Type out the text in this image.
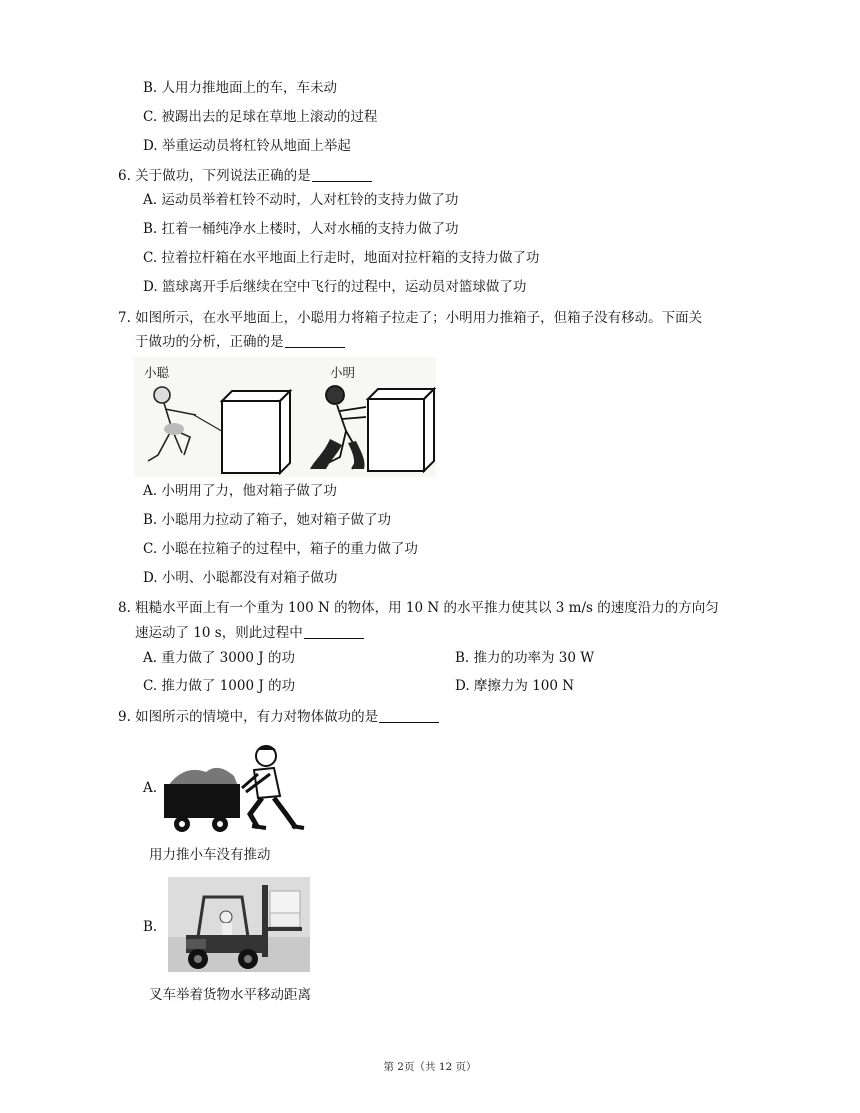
B. 人用力推地面上的车，车未动
C. 被踢出去的足球在草地上滚动的过程
D. 举重运动员将杠铃从地面上举起
6. 关于做功，下列说法正确的是
A. 运动员举着杠铃不动时，人对杠铃的支持力做了功
B. 扛着一桶纯净水上楼时，人对水桶的支持力做了功
C. 拉着拉杆箱在水平地面上行走时，地面对拉杆箱的支持力做了功
D. 篮球离开手后继续在空中飞行的过程中，运动员对篮球做了功
7. 如图所示，在水平地面上，小聪用力将箱子拉走了；小明用力推箱子，但箱子没有移动。下面关
于做功的分析，正确的是
小聪	小明
A. 小明用了力，他对箱子做了功
B. 小聪用力拉动了箱子，她对箱子做了功
C. 小聪在拉箱子的过程中，箱子的重力做了功
D. 小明、小聪都没有对箱子做功
8. 粗糙水平面上有一个重为 100 N 的物体，用 10 N 的水平推力使其以 3 m/s 的速度沿力的方向匀
速运动了 10 s，则此过程中
A. 重力做了 3000 J 的功	B. 推力的功率为 30 W
C. 推力做了 1000 J 的功	D. 摩擦力为 100 N
9. 如图所示的情境中，有力对物体做功的是
A.
用力推小车没有推动
B.
叉车举着货物水平移动距离
第 2页（共 12 页）
